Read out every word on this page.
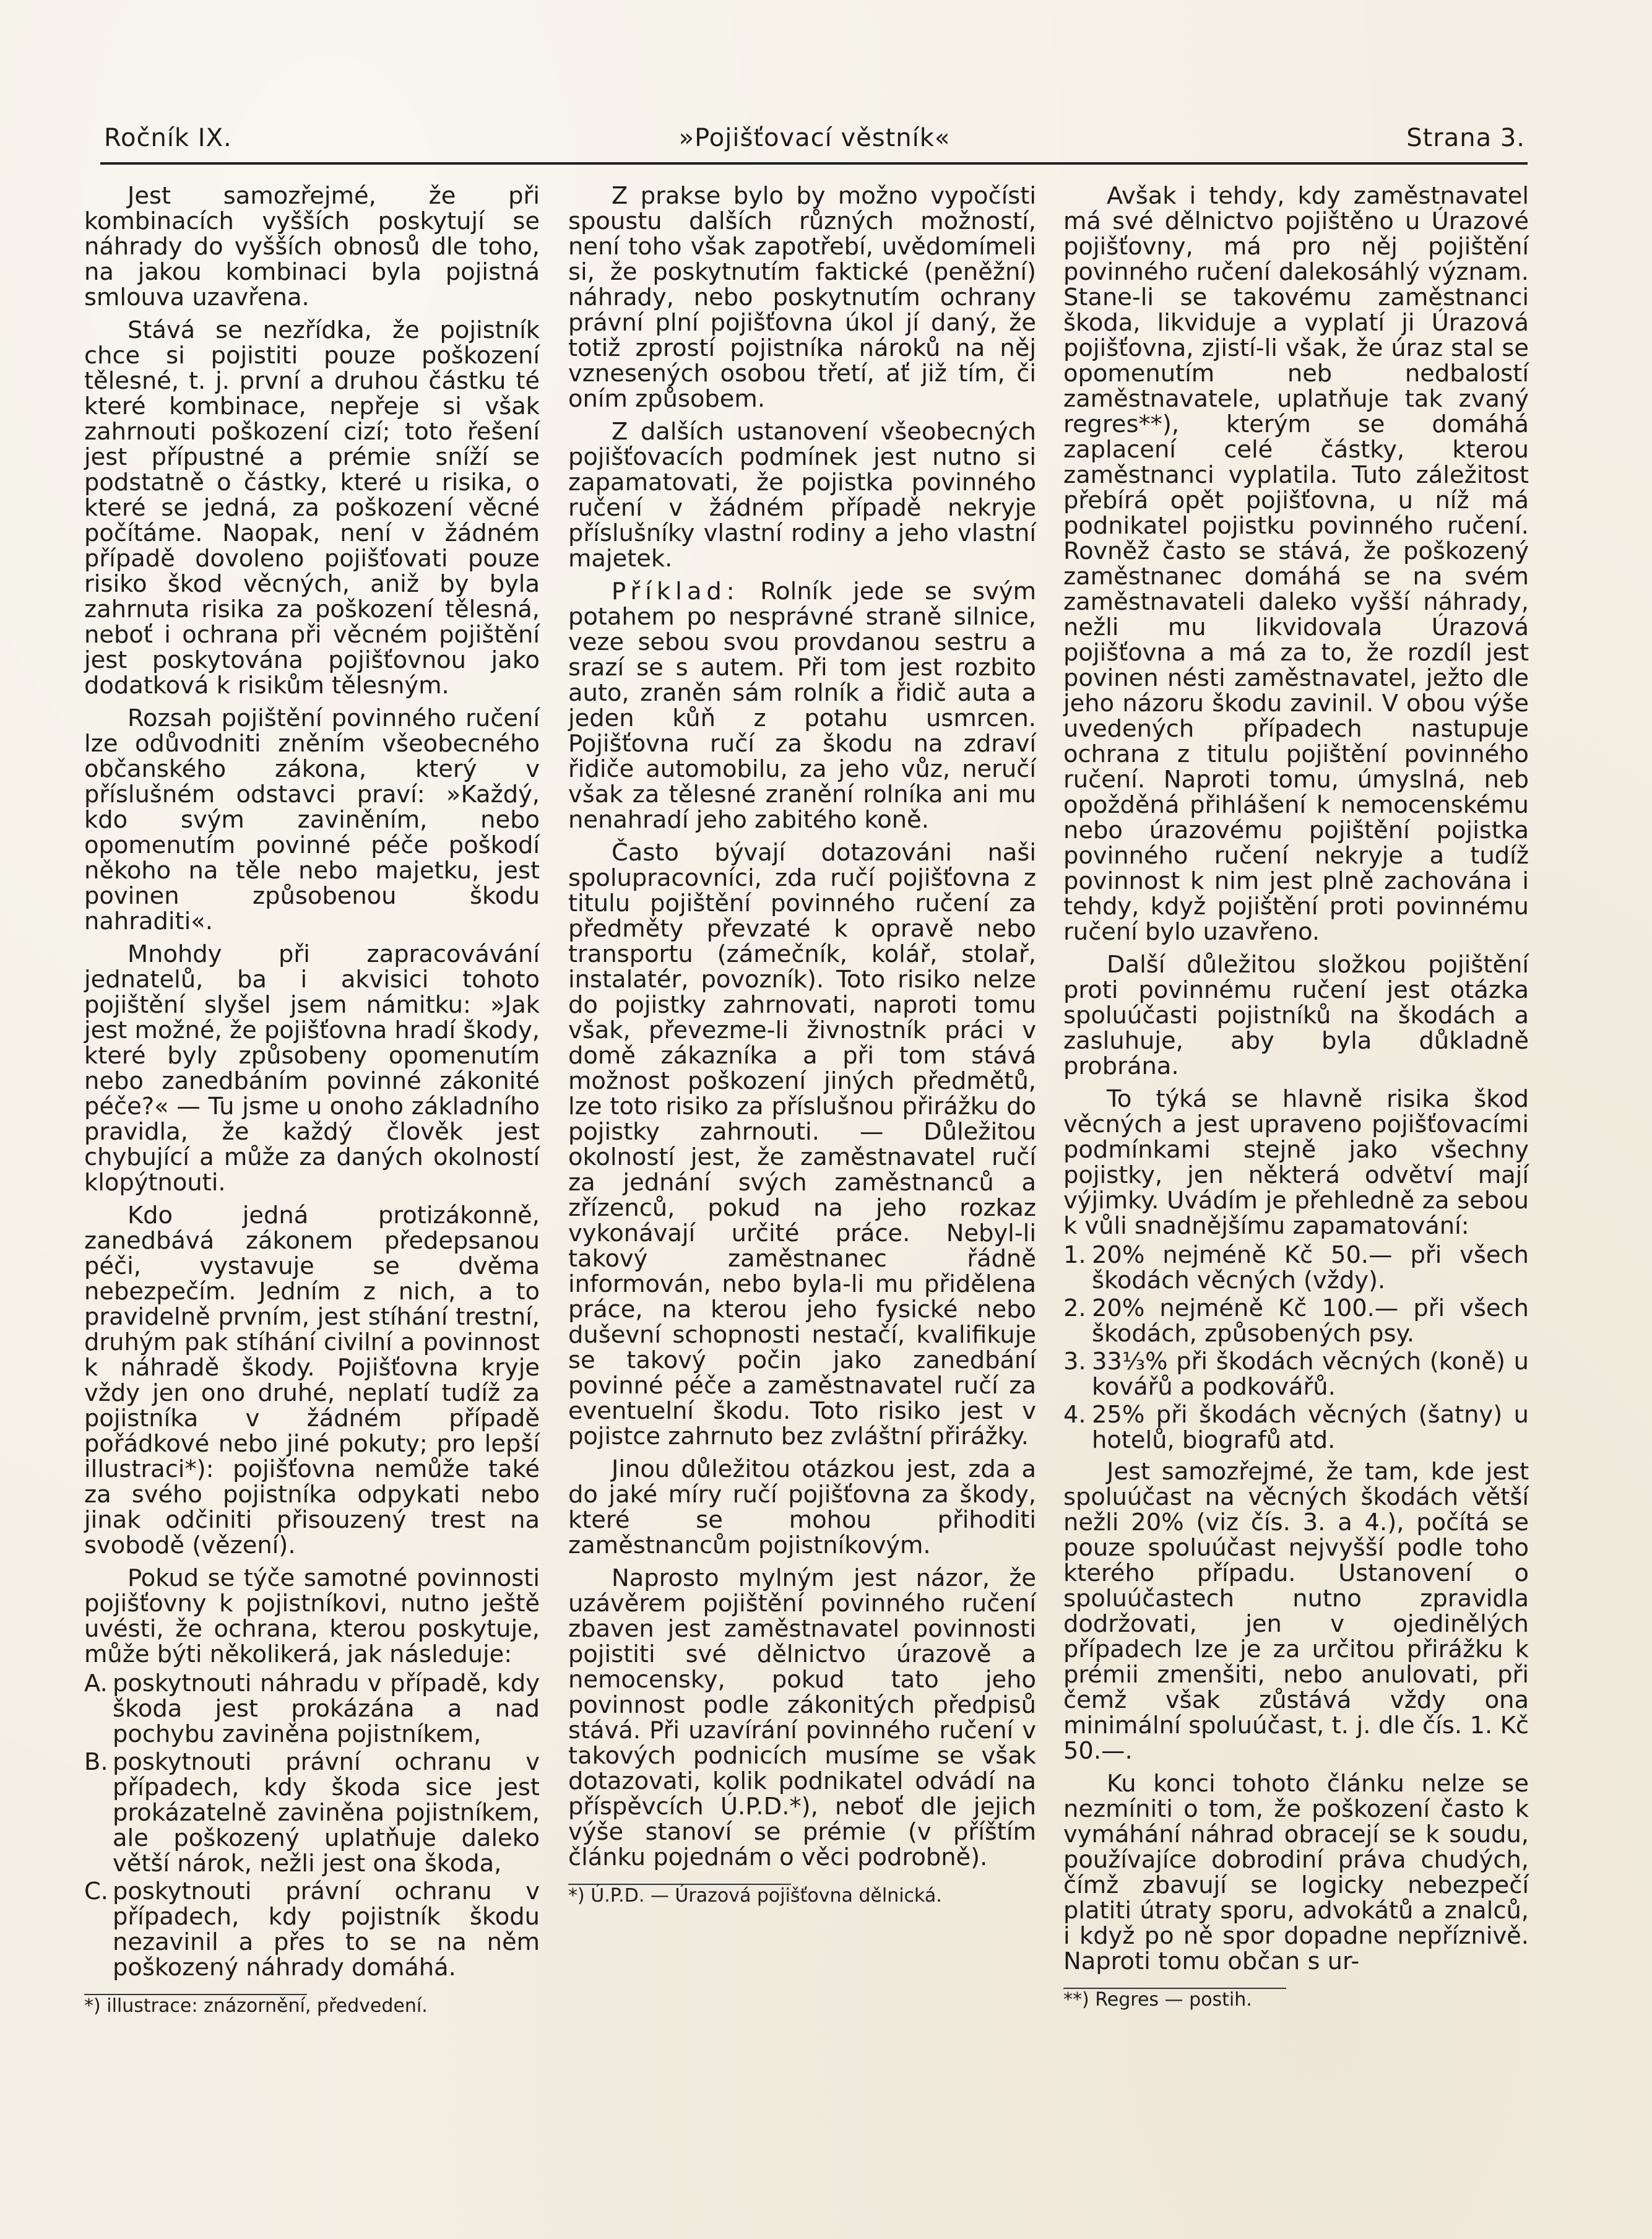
Ročník IX.	»Pojišťovací věstník«	Strana 3.

Jest samozřejmé, že při kombinacích vyšších poskytují se náhrady do vyšších obnosů dle toho, na jakou kombinaci byla pojistná smlouva uzavřena.

Stává se nezřídka, že pojistník chce si pojistiti pouze poškození tělesné, t. j. první a druhou částku té které kombinace, nepřeje si však zahrnouti poškození cizí; toto řešení jest přípustné a prémie sníží se podstatně o částky, které u risika, o které se jedná, za poškození věcné počítáme. Naopak, není v žádném případě dovoleno pojišťovati pouze risiko škod věcných, aniž by byla zahrnuta risika za poškození tělesná, neboť i ochrana při věcném pojištění jest poskytována pojišťovnou jako dodatková k risikům tělesným.

Rozsah pojištění povinného ručení lze odůvodniti zněním všeobecného občanského zákona, který v příslušném odstavci praví: »Každý, kdo svým zaviněním, nebo opomenutím povinné péče poškodí někoho na těle nebo majetku, jest povinen způsobenou škodu nahraditi«.

Mnohdy při zapracovávání jednatelů, ba i akvisici tohoto pojištění slyšel jsem námitku: »Jak jest možné, že pojišťovna hradí škody, které byly způsobeny opomenutím nebo zanedbáním povinné zákonité péče?« — Tu jsme u onoho základního pravidla, že každý člověk jest chybující a může za daných okolností klopýtnouti.

Kdo jedná protizákonně, zanedbává zákonem předepsanou péči, vystavuje se dvěma nebezpečím. Jedním z nich, a to pravidelně prvním, jest stíhání trestní, druhým pak stíhání civilní a povinnost k náhradě škody. Pojišťovna kryje vždy jen ono druhé, neplatí tudíž za pojistníka v žádném případě pořádkové nebo jiné pokuty; pro lepší illustraci*): pojišťovna nemůže také za svého pojistníka odpykati nebo jinak odčiniti přisouzený trest na svobodě (vězení).

Pokud se týče samotné povinnosti pojišťovny k pojistníkovi, nutno ještě uvésti, že ochrana, kterou poskytuje, může býti několikerá, jak následuje:

A. poskytnouti náhradu v případě, kdy škoda jest prokázána a nad pochybu zaviněna pojistníkem,
B. poskytnouti právní ochranu v případech, kdy škoda sice jest prokázatelně zaviněna pojistníkem, ale poškozený uplatňuje daleko větší nárok, nežli jest ona škoda,
C. poskytnouti právní ochranu v případech, kdy pojistník škodu nezavinil a přes to se na něm poškozený náhrady domáhá.

*) illustrace: znázornění, předvedení.

Z prakse bylo by možno vypočísti spoustu dalších různých možností, není toho však zapotřebí, uvědomímeli si, že poskytnutím faktické (peněžní) náhrady, nebo poskytnutím ochrany právní plní pojišťovna úkol jí daný, že totiž zprostí pojistníka nároků na něj vznesených osobou třetí, ať již tím, či oním způsobem.

Z dalších ustanovení všeobecných pojišťovacích podmínek jest nutno si zapamatovati, že pojistka povinného ručení v žádném případě nekryje příslušníky vlastní rodiny a jeho vlastní majetek.

Příklad: Rolník jede se svým potahem po nesprávné straně silnice, veze sebou svou provdanou sestru a srazí se s autem. Při tom jest rozbito auto, zraněn sám rolník a řidič auta a jeden kůň z potahu usmrcen. Pojišťovna ručí za škodu na zdraví řidiče automobilu, za jeho vůz, neručí však za tělesné zranění rolníka ani mu nenahradí jeho zabitého koně.

Často bývají dotazováni naši spolupracovníci, zda ručí pojišťovna z titulu pojištění povinného ručení za předměty převzaté k opravě nebo transportu (zámečník, kolář, stolař, instalatér, povozník). Toto risiko nelze do pojistky zahrnovati, naproti tomu však, převezme-li živnostník práci v domě zákazníka a při tom stává možnost poškození jiných předmětů, lze toto risiko za příslušnou přirážku do pojistky zahrnouti. — Důležitou okolností jest, že zaměstnavatel ručí za jednání svých zaměstnanců a zřízenců, pokud na jeho rozkaz vykonávají určité práce. Nebyl-li takový zaměstnanec řádně informován, nebo byla-li mu přidělena práce, na kterou jeho fysické nebo duševní schopnosti nestačí, kvalifikuje se takový počin jako zanedbání povinné péče a zaměstnavatel ručí za eventuelní škodu. Toto risiko jest v pojistce zahrnuto bez zvláštní přirážky.

Jinou důležitou otázkou jest, zda a do jaké míry ručí pojišťovna za škody, které se mohou přihoditi zaměstnancům pojistníkovým.

Naprosto mylným jest názor, že uzávěrem pojištění povinného ručení zbaven jest zaměstnavatel povinnosti pojistiti své dělnictvo úrazově a nemocensky, pokud tato jeho povinnost podle zákonitých předpisů stává. Při uzavírání povinného ručení v takových podnicích musíme se však dotazovati, kolik podnikatel odvádí na příspěvcích Ú.P.D.*), neboť dle jejich výše stanoví se prémie (v příštím článku pojednám o věci podrobně).

*) Ú.P.D. — Úrazová pojišťovna dělnická.

Avšak i tehdy, kdy zaměstnavatel má své dělnictvo pojištěno u Úrazové pojišťovny, má pro něj pojištění povinného ručení dalekosáhlý význam. Stane-li se takovému zaměstnanci škoda, likviduje a vyplatí ji Úrazová pojišťovna, zjistí-li však, že úraz stal se opomenutím neb nedbalostí zaměstnavatele, uplatňuje tak zvaný regres**), kterým se domáhá zaplacení celé částky, kterou zaměstnanci vyplatila. Tuto záležitost přebírá opět pojišťovna, u níž má podnikatel pojistku povinného ručení. Rovněž často se stává, že poškozený zaměstnanec domáhá se na svém zaměstnavateli daleko vyšší náhrady, nežli mu likvidovala Úrazová pojišťovna a má za to, že rozdíl jest povinen nésti zaměstnavatel, ježto dle jeho názoru škodu zavinil. V obou výše uvedených případech nastupuje ochrana z titulu pojištění povinného ručení. Naproti tomu, úmyslná, neb opožděná přihlášení k nemocenskému nebo úrazovému pojištění pojistka povinného ručení nekryje a tudíž povinnost k nim jest plně zachována i tehdy, když pojištění proti povinnému ručení bylo uzavřeno.

Další důležitou složkou pojištění proti povinnému ručení jest otázka spoluúčasti pojistníků na škodách a zasluhuje, aby byla důkladně probrána.

To týká se hlavně risika škod věcných a jest upraveno pojišťovacími podmínkami stejně jako všechny pojistky, jen některá odvětví mají výjimky. Uvádím je přehledně za sebou k vůli snadnějšímu zapamatování:

1. 20% nejméně Kč 50.— při všech škodách věcných (vždy).
2. 20% nejméně Kč 100.— při všech škodách, způsobených psy.
3. 33⅓% při škodách věcných (koně) u kovářů a podkovářů.
4. 25% při škodách věcných (šatny) u hotelů, biografů atd.

Jest samozřejmé, že tam, kde jest spoluúčast na věcných škodách větší nežli 20% (viz čís. 3. a 4.), počítá se pouze spoluúčast nejvyšší podle toho kterého případu. Ustanovení o spoluúčastech nutno zpravidla dodržovati, jen v ojedinělých případech lze je za určitou přirážku k prémii zmenšiti, nebo anulovati, při čemž však zůstává vždy ona minimální spoluúčast, t. j. dle čís. 1. Kč 50.—.

Ku konci tohoto článku nelze se nezmíniti o tom, že poškození často k vymáhání náhrad obracejí se k soudu, používajíce dobrodiní práva chudých, čímž zbavují se logicky nebezpečí platiti útraty sporu, advokátů a znalců, i když po ně spor dopadne nepříznivě. Naproti tomu občan s ur-

**) Regres — postih.
